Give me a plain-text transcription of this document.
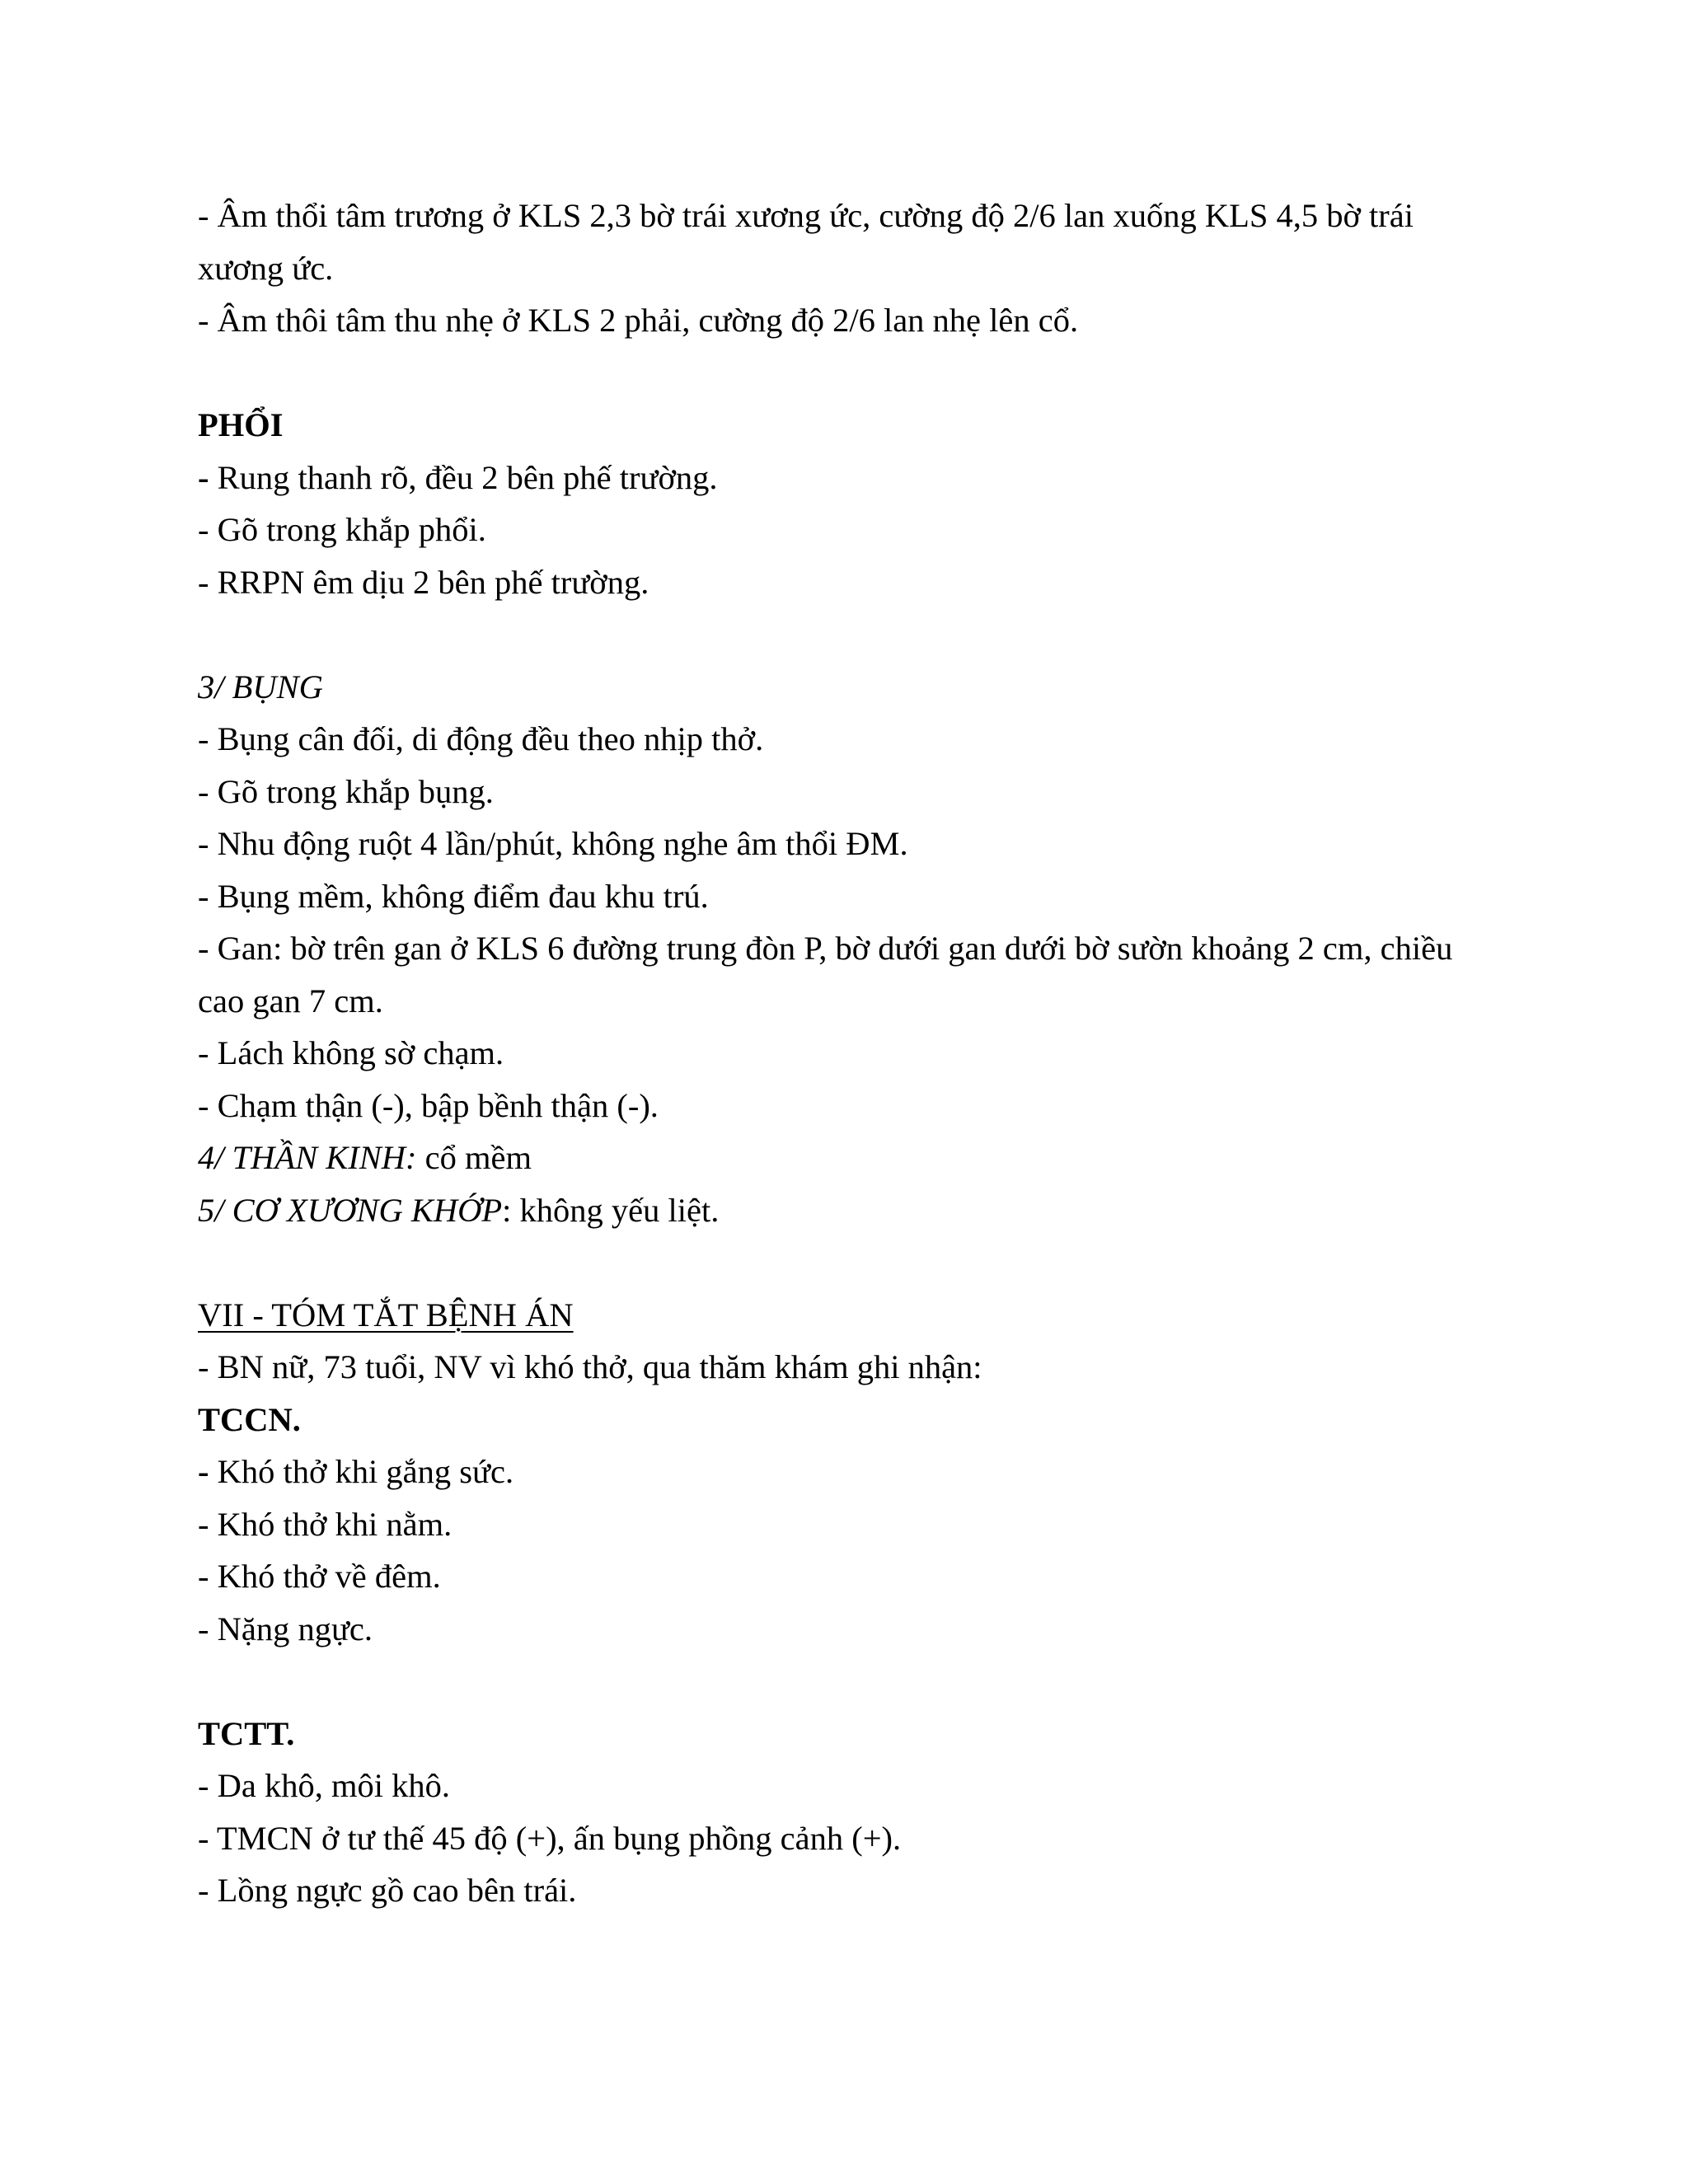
- Âm thổi tâm trương ở KLS 2,3 bờ trái xương ức, cường độ 2/6 lan xuống KLS 4,5 bờ trái xương ức.
- Âm thôi tâm thu nhẹ ở KLS 2 phải, cường độ 2/6 lan nhẹ lên cổ.
PHỔI
- Rung thanh rõ, đều 2 bên phế trường.
- Gõ trong khắp phổi.
- RRPN êm dịu 2 bên phế trường.
3/ BỤNG
- Bụng cân đối, di động đều theo nhịp thở.
- Gõ trong khắp bụng.
- Nhu động ruột 4 lần/phút, không nghe âm thổi ĐM.
- Bụng mềm, không điểm đau khu trú.
- Gan: bờ trên gan ở KLS 6 đường trung đòn P, bờ dưới gan dưới bờ sườn khoảng 2 cm, chiều cao gan 7 cm.
- Lách không sờ chạm.
- Chạm thận (-), bập bềnh thận (-).
4/ THẦN KINH: cổ mềm
5/ CƠ XƯƠNG KHỚP: không yếu liệt.
VII - TÓM TẮT BỆNH ÁN
- BN nữ, 73 tuổi, NV vì khó thở, qua thăm khám ghi nhận:
TCCN.
- Khó thở khi gắng sức.
- Khó thở khi nằm.
- Khó thở về đêm.
- Nặng ngực.
TCTT.
- Da khô, môi khô.
- TMCN ở tư thế 45 độ (+), ấn bụng phồng cảnh (+).
- Lồng ngực gồ cao bên trái.
